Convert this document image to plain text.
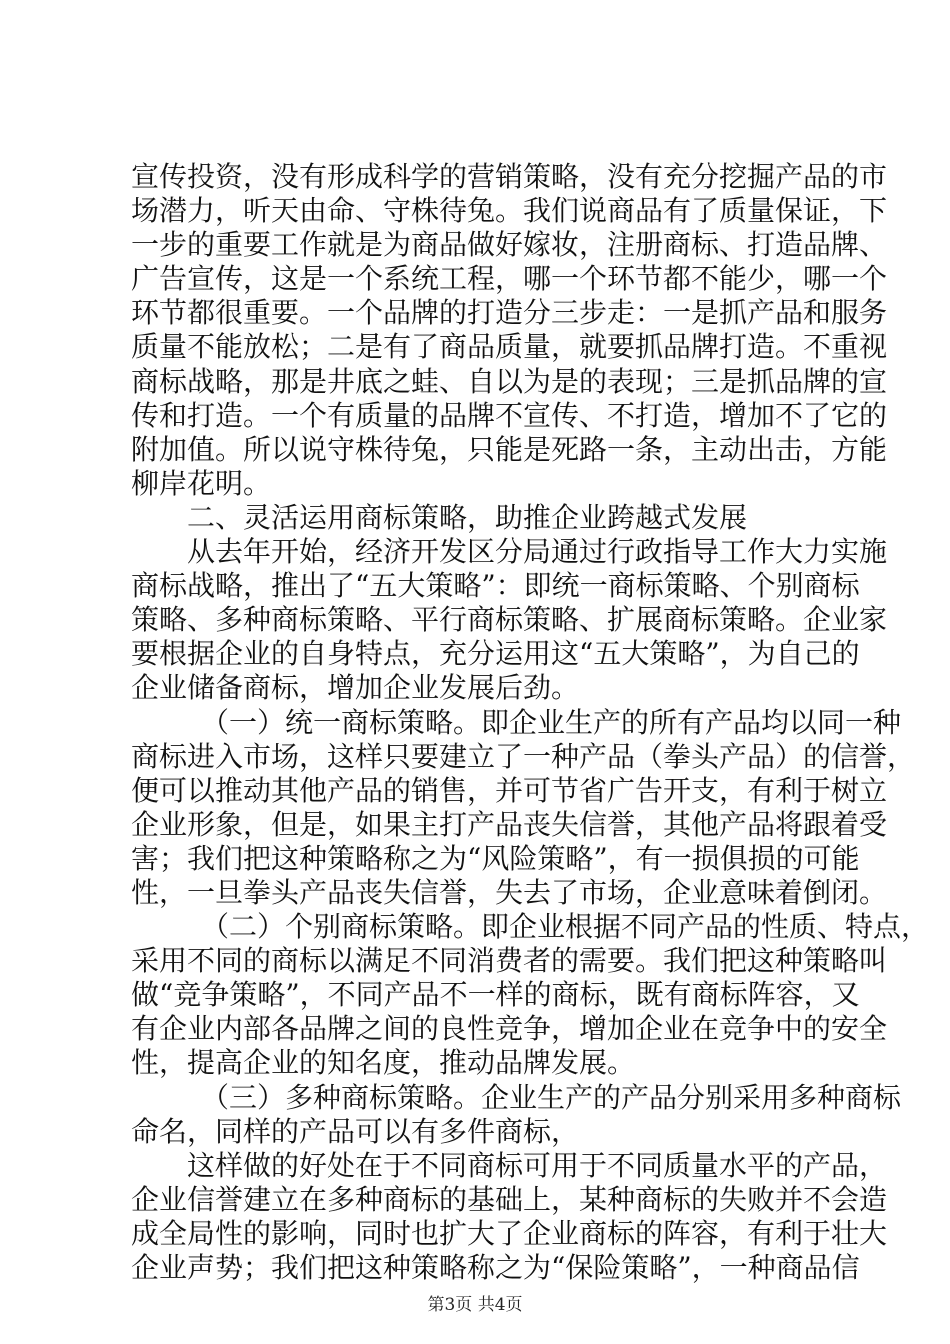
宣传投资，没有形成科学的营销策略，没有充分挖掘产品的市
场潜力，听天由命、守株待兔。我们说商品有了质量保证，下
一步的重要工作就是为商品做好嫁妆，注册商标、打造品牌、
广告宣传，这是一个系统工程，哪一个环节都不能少，哪一个
环节都很重要。一个品牌的打造分三步走：一是抓产品和服务
质量不能放松；二是有了商品质量，就要抓品牌打造。不重视
商标战略，那是井底之蛙、自以为是的表现；三是抓品牌的宣
传和打造。一个有质量的品牌不宣传、不打造，增加不了它的
附加值。所以说守株待兔，只能是死路一条，主动出击，方能
柳岸花明。
二、灵活运用商标策略，助推企业跨越式发展
从去年开始，经济开发区分局通过行政指导工作大力实施
商标战略，推出了“五大策略”：即统一商标策略、个别商标
策略、多种商标策略、平行商标策略、扩展商标策略。企业家
要根据企业的自身特点，充分运用这“五大策略”，为自己的
企业储备商标，增加企业发展后劲。
（一）统一商标策略。即企业生产的所有产品均以同一种
商标进入市场，这样只要建立了一种产品（拳头产品）的信誉，
便可以推动其他产品的销售，并可节省广告开支，有利于树立
企业形象，但是，如果主打产品丧失信誉，其他产品将跟着受
害；我们把这种策略称之为“风险策略”，有一损俱损的可能
性，一旦拳头产品丧失信誉，失去了市场，企业意味着倒闭。
（二）个别商标策略。即企业根据不同产品的性质、特点，
采用不同的商标以满足不同消费者的需要。我们把这种策略叫
做“竞争策略”，不同产品不一样的商标，既有商标阵容，又
有企业内部各品牌之间的良性竞争，增加企业在竞争中的安全
性，提高企业的知名度，推动品牌发展。
（三）多种商标策略。企业生产的产品分别采用多种商标
命名，同样的产品可以有多件商标，
这样做的好处在于不同商标可用于不同质量水平的产品，
企业信誉建立在多种商标的基础上，某种商标的失败并不会造
成全局性的影响，同时也扩大了企业商标的阵容，有利于壮大
企业声势；我们把这种策略称之为“保险策略”，一种商品信
第3页 共4页
